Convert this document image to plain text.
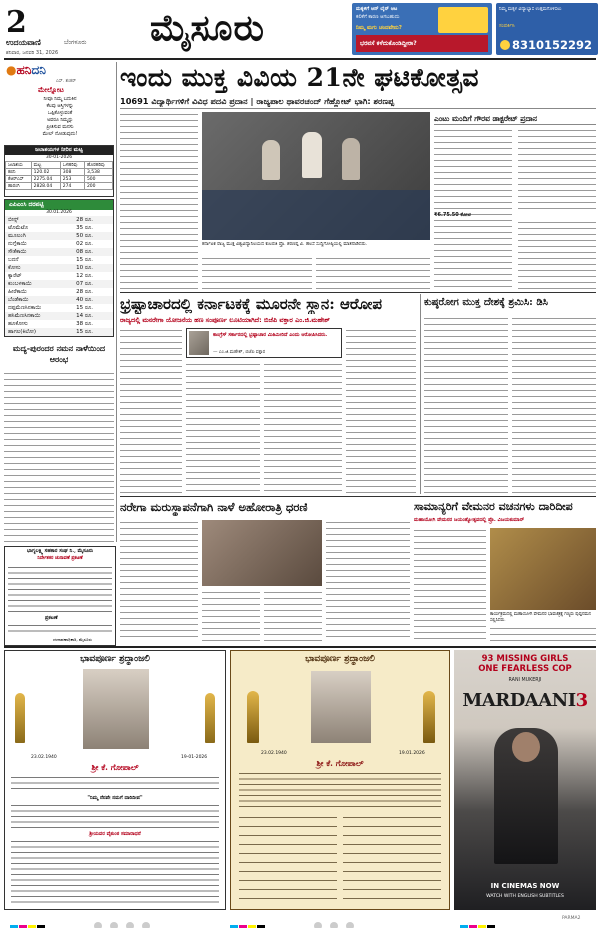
2
ಉದಯವಾಣಿ	ಬೆಂಗಳೂರು
ಶನಿವಾರ, ಜನವರಿ 31, 2026
ಮೈಸೂರು	ಮಕ್ಕಳಿಗೆ ಆನ್ ಲೈನ್ ಆಟ
ಕಲಿಕೆಗೆ ಕಾರಣ ಆಗಬಹುದು
ನಿಮ್ಮ ಮಗು ಚಂದವೇನು?
ಭರವಸೆ ಕಳೆದುಕೊಂಡಿದ್ದೀರಾ?
ನಿಮ್ಮ ಮಕ್ಕಳ ವಿದ್ಯಾಭ್ಯಾಸ ಉತ್ತಮಗೊಳಿಸಲು
ಸಂಪರ್ಕಿಸಿ
8310152292
●ಹನಿದನಿ
ಎಸ್. ಶಂಕರ್
ಮೇಲ್ನೋಟ
ನೀವೂ ನಿಮ್ಮ ಬದುಕಿನ
ಕೆಲವು ಆಸ್ತಿಗಳನ್ನು
ಒಪ್ಪಿಕೊಳ್ಳುವಂತೆ
ಅವರೂ ನಿಮ್ಮನ್ನು
ಪ್ರೀತಿಸುವ ಮನಸು
ಮೇಲ್ ನೋಡುವುದು!
ಜಲಾಶಯಗಳ ನೀರಿನ ಮಟ್ಟ
30-01-2026
ಜಲಾಶಯ	ಮಟ್ಟ	ಒಳಹರಿವು	ಹೊರಹರಿವು
ಕಬಿನಿ	120.02	308	3,538
ಕೆಆರ್‌ಎಸ್	2275.04	253	500
ಹಾರಂಗಿ	2828.04	274	200
ಎಪಿಎಂಸಿ ದರಪಟ್ಟಿ
30.01.2026
ಬೀನ್ಸ್	28 ರೂ.
ಟೊಮೆಟೊ	35 ರೂ.
ಮೂಲಂಗಿ	50 ರೂ.
ನುಗ್ಗೆಕಾಯಿ	02 ರೂ.
ಸೌತೆಕಾಯಿ	08 ರೂ.
ಬದನೆ	15 ರೂ.
ಕೋಸು	10 ರೂ.
ಕ್ಯಾರೆಟ್	12 ರೂ.
ಕುಂಬಳಕಾಯಿ	07 ರೂ.
ಹೀರೆಕಾಯಿ	28 ರೂ.
ಬೆಂಡೆಕಾಯಿ	40 ರೂ.
ದಪ್ಪಮೆಣಸಿನಕಾಯಿ	15 ರೂ.
ಹಸಿಮೆಣಸಿನಕಾಯಿ	14 ರೂ.
ಹೂಕೋಸು	38 ರೂ.
ಹಾಗಲ(ಕಿಲೋ)	15 ರೂ.
ಮದ್ಯ-ಪುರಂದರ ನಮನ ನಾಳೆಯಿಂದ ಆರಂಭ
ಇಂದು ಮುಕ್ತ ವಿವಿಯ 21ನೇ ಘಟಿಕೋತ್ಸವ
10691 ವಿದ್ಯಾರ್ಥಿಗಳಿಗೆ ವಿವಿಧ ಪದವಿ ಪ್ರದಾನ | ರಾಜ್ಯಪಾಲ ಥಾವರಚಂದ್ ಗೆಹ್ಲೋಟ್ ಭಾಗಿ: ಶರಣಪ್ಪ
ಕರ್ನಾಟಕ ರಾಜ್ಯ ಮುಕ್ತ ವಿಶ್ವವಿದ್ಯಾನಿಲಯದ ಕುಲಪತಿ ಪ್ರೊ. ಶರಣಪ್ಪ ವಿ. ಹಲಸೆ ಸುದ್ದಿಗೋಷ್ಠಿಯಲ್ಲಿ ಮಾತನಾಡಿದರು.
ಎಂಟು ಮಂದಿಗೆ ಗೌರವ ಡಾಕ್ಟರೇಟ್ ಪ್ರದಾನ
₹6.75.50 ಕೋಟಿ
ಭ್ರಷ್ಟಾಚಾರದಲ್ಲಿ ಕರ್ನಾಟಕಕ್ಕೆ ಮೂರನೇ ಸ್ಥಾನ: ಆರೋಪ
ರಾಜ್ಯದಲ್ಲಿ ಮನರೇಗಾ ಯೋಜನೆಯ ಹಣ ಸಂಪೂರ್ಣ ಲೂಟಿಯಾಗಿದೆ: ಬಿಜೆಪಿ ವಕ್ತಾರ ಎಂ.ಜಿ.ಮಹೇಶ್
ಕಾಂಗ್ರೆಸ್ ಸರ್ಕಾರದಲ್ಲಿ ಭ್ರಷ್ಟಾಚಾರ ಮಿತಿಮೀರಿದೆ ಎಂದು ಆರೋಪಿಸಿದರು.
— ಎಂ.ಜಿ.ಮಹೇಶ್, ಬಿಜೆಪಿ ವಕ್ತಾರ
ಕುಷ್ಠರೋಗ ಮುಕ್ತ ದೇಶಕ್ಕೆ ಶ್ರಮಿಸಿ: ಡಿಸಿ
ನರೇಗಾ ಮರುಸ್ಥಾಪನೆಗಾಗಿ ನಾಳೆ ಅಹೋರಾತ್ರಿ ಧರಣಿ	ಸಾಮಾನ್ಯರಿಗೆ ವೇಮನರ ವಚನಗಳು ದಾರಿದೀಪ
ಮಹಾಯೋಗಿ ವೇಮನರ ಜಯಂತ್ಯೋತ್ಸವದಲ್ಲಿ ಪ್ರೊ. ವಿಜಯಕುಮಾರ್
ಕಾರ್ಯಕ್ರಮದಲ್ಲಿ ಮಹಾಯೋಗಿ ವೇಮನರ ಭಾವಚಿತ್ರಕ್ಕೆ ಗಣ್ಯರು ಪುಷ್ಪನಮನ ಸಲ್ಲಿಸಿದರು.
ಭಾಗ್ಯಲಕ್ಷ್ಮಿ ಸಹಕಾರ ಸಂಘ ನಿ., ಮೈಸೂರು
ನಿರ್ದೇಶಕರ ಚುನಾವಣೆ ಪ್ರಕಟಣೆ
ಪ್ರಕಟಣೆ
ಚುನಾವಣಾಧಿಕಾರಿ, ಮೈಸೂರು
ಭಾವಪೂರ್ಣ ಶ್ರದ್ಧಾಂಜಲಿ
23.02.1940	19-01-2026
ಶ್ರೀ ಕೆ. ಗೋಪಾಲ್
"ನಿಮ್ಮ ನೆನಪೇ ನಮಗೆ ದಾರಿದೀಪ"
ಶ್ರೀಯವರ ವೈಕುಂಠ ಸಮಾರಾಧನೆ
ಭಾವಪೂರ್ಣ ಶ್ರದ್ಧಾಂಜಲಿ
23.02.1940	19.01.2026
ಶ್ರೀ ಕೆ. ಗೋಪಾಲ್
93 MISSING GIRLS
ONE FEARLESS COP
RANI MUKERJI
MARDAANI3
IN CINEMAS NOW
WATCH WITH ENGLISH SUBTITLES
PARMA2
